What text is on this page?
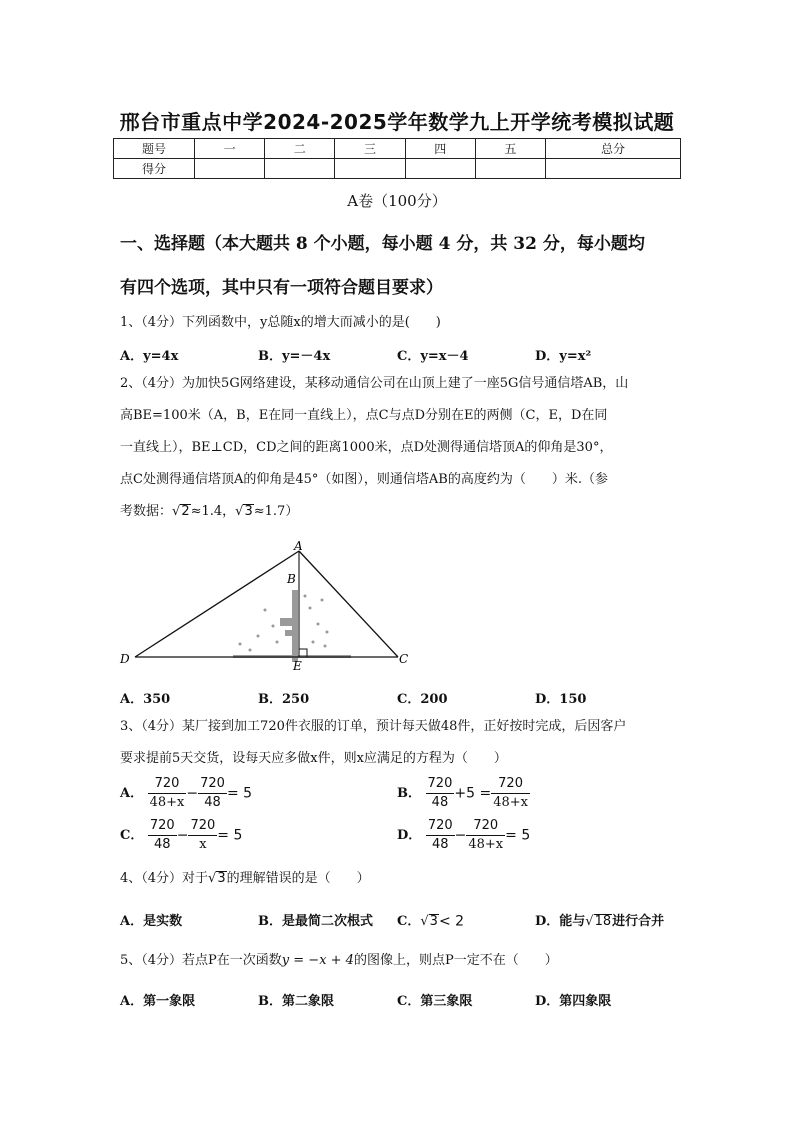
邢台市重点中学2024-2025学年数学九上开学统考模拟试题
题号	一	二	三	四	五	总分
得分						
A卷（100分）
一、选择题（本大题共 8 个小题，每小题 4 分，共 32 分，每小题均
有四个选项，其中只有一项符合题目要求）
1、（4分）下列函数中，y总随x的增大而减小的是(　　)
A．y=4x	B．y=－4x	C．y=x－4	D．y=x²
2、（4分）为加快5G网络建设，某移动通信公司在山顶上建了一座5G信号通信塔AB，山
高BE=100米（A，B，E在同一直线上），点C与点D分别在E的两侧（C，E，D在同
一直线上），BE⊥CD，CD之间的距离1000米，点D处测得通信塔顶A的仰角是30°，
点C处测得通信塔顶A的仰角是45°（如图），则通信塔AB的高度约为（　　）米.（参
考数据：√2≈1.4，√3≈1.7）
A
B
D	C
E
A．350	B．250	C．200	D．150
3、（4分）某厂接到加工720件衣服的订单，预计每天做48件，正好按时完成，后因客户
要求提前5天交货，设每天应多做x件，则x应满足的方程为（　　）
A． $\frac{720}{48+x} - \frac{720}{48} = 5$	B． $\frac{720}{48} +5 = \frac{720}{48+x}$
C． $\frac{720}{48} - \frac{720}{x} = 5$	D． $\frac{720}{48} - \frac{720}{48+x} = 5$
4、（4分）对于√3的理解错误的是（　　）
A．是实数	B．是最简二次根式 C．√3< 2	D．能与√18进行合并
5、（4分）若点P在一次函数y = −x + 4的图像上，则点P一定不在（　　）
A．第一象限	B．第二象限	C．第三象限	D．第四象限
